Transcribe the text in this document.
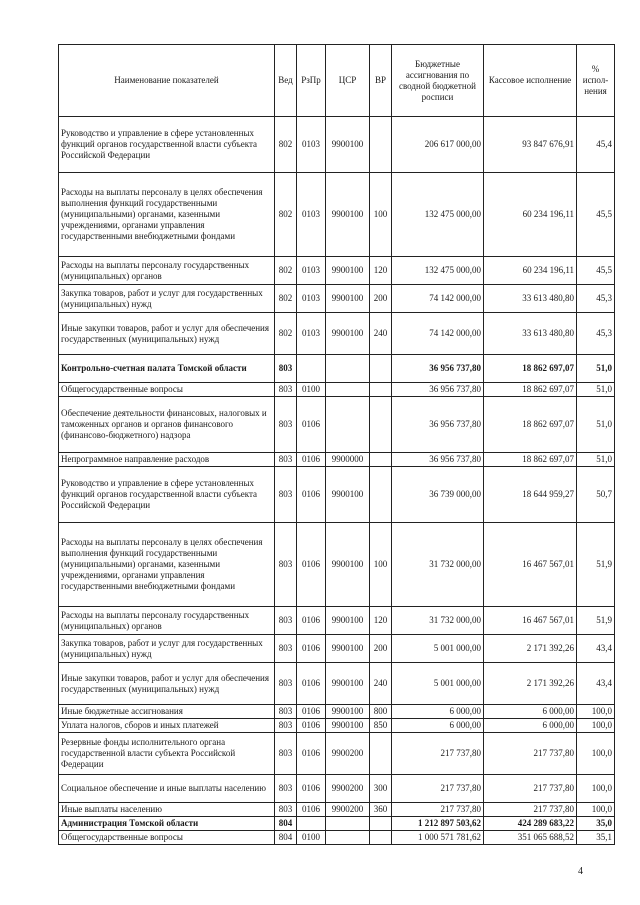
Наименование показателей	Вед	РзПр	ЦСР	ВР	Бюджетные ассигнования по сводной бюджетной росписи	Кассовое исполнение	% испол-нения
Руководство и управление в сфере установленных функций органов государственной власти субъекта Российской Федерации	802	0103	9900100		206 617 000,00	93 847 676,91	45,4
Расходы на выплаты персоналу в целях обеспечения выполнения функций государственными (муниципальными) органами, казенными учреждениями, органами управления государственными внебюджетными фондами	802	0103	9900100	100	132 475 000,00	60 234 196,11	45,5
Расходы на выплаты персоналу государственных (муниципальных) органов	802	0103	9900100	120	132 475 000,00	60 234 196,11	45,5
Закупка товаров, работ и услуг для государственных (муниципальных) нужд	802	0103	9900100	200	74 142 000,00	33 613 480,80	45,3
Иные закупки товаров, работ и услуг для обеспечения государственных (муниципальных) нужд	802	0103	9900100	240	74 142 000,00	33 613 480,80	45,3
Контрольно-счетная палата Томской области	803				36 956 737,80	18 862 697,07	51,0
Общегосударственные вопросы	803	0100			36 956 737,80	18 862 697,07	51,0
Обеспечение деятельности финансовых, налоговых и таможенных органов и органов финансового (финансово-бюджетного) надзора	803	0106			36 956 737,80	18 862 697,07	51,0
Непрограммное направление расходов	803	0106	9900000		36 956 737,80	18 862 697,07	51,0
Руководство и управление в сфере установленных функций органов государственной власти субъекта Российской Федерации	803	0106	9900100		36 739 000,00	18 644 959,27	50,7
Расходы на выплаты персоналу в целях обеспечения выполнения функций государственными (муниципальными) органами, казенными учреждениями, органами управления государственными внебюджетными фондами	803	0106	9900100	100	31 732 000,00	16 467 567,01	51,9
Расходы на выплаты персоналу государственных (муниципальных) органов	803	0106	9900100	120	31 732 000,00	16 467 567,01	51,9
Закупка товаров, работ и услуг для государственных (муниципальных) нужд	803	0106	9900100	200	5 001 000,00	2 171 392,26	43,4
Иные закупки товаров, работ и услуг для обеспечения государственных (муниципальных) нужд	803	0106	9900100	240	5 001 000,00	2 171 392,26	43,4
Иные бюджетные ассигнования	803	0106	9900100	800	6 000,00	6 000,00	100,0
Уплата налогов, сборов и иных платежей	803	0106	9900100	850	6 000,00	6 000,00	100,0
Резервные фонды исполнительного органа государственной власти субъекта Российской Федерации	803	0106	9900200		217 737,80	217 737,80	100,0
Социальное обеспечение и иные выплаты населению	803	0106	9900200	300	217 737,80	217 737,80	100,0
Иные выплаты населению	803	0106	9900200	360	217 737,80	217 737,80	100,0
Администрация Томской области	804				1 212 897 503,62	424 289 683,22	35,0
Общегосударственные вопросы	804	0100			1 000 571 781,62	351 065 688,52	35,1
4
